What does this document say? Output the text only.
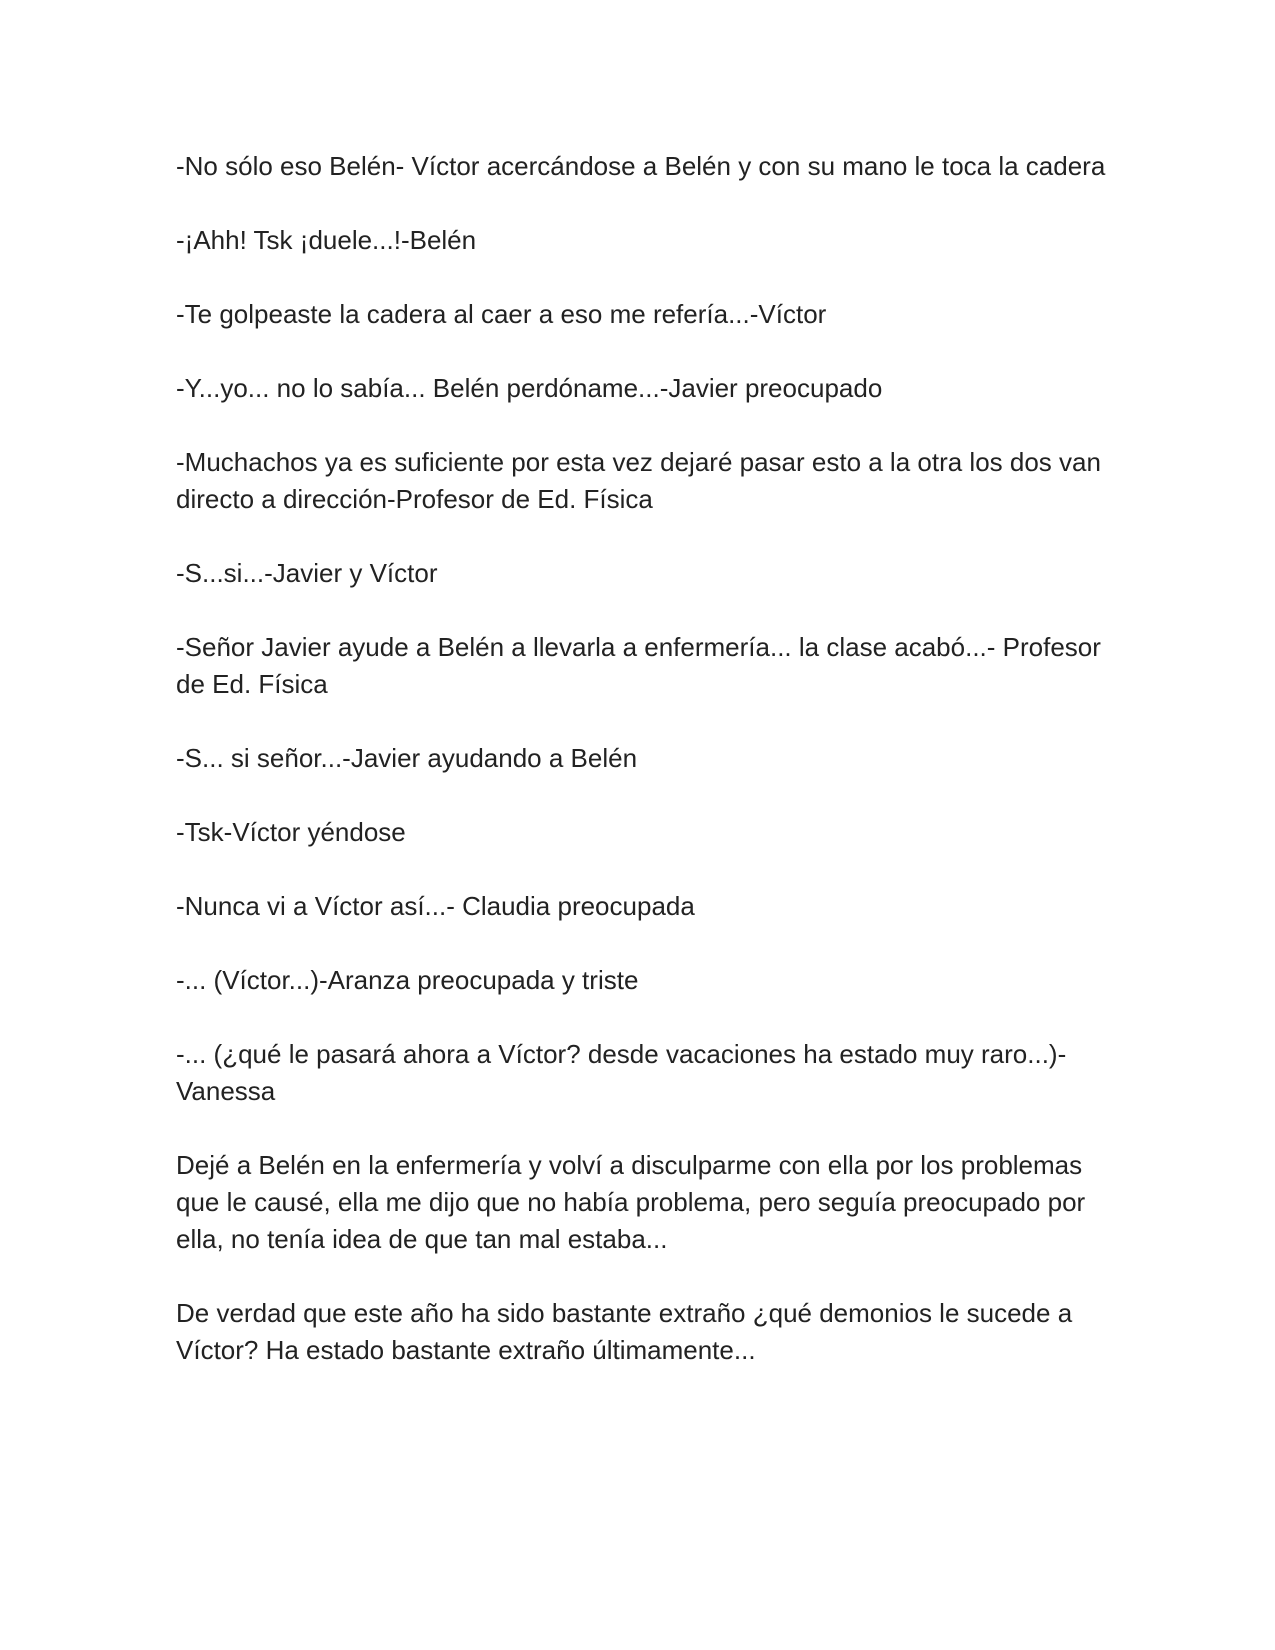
-No sólo eso Belén- Víctor acercándose a Belén y con su mano le toca la cadera

-¡Ahh! Tsk ¡duele...!-Belén

-Te golpeaste la cadera al caer a eso me refería...-Víctor

-Y...yo... no lo sabía... Belén perdóname...-Javier preocupado

-Muchachos ya es suficiente por esta vez dejaré pasar esto a la otra los dos van directo a dirección-Profesor de Ed. Física

-S...si...-Javier y Víctor

-Señor Javier ayude a Belén a llevarla a enfermería... la clase acabó...- Profesor de Ed. Física

-S... si señor...-Javier ayudando a Belén

-Tsk-Víctor yéndose

-Nunca vi a Víctor así...- Claudia preocupada

-... (Víctor...)-Aranza preocupada y triste

-... (¿qué le pasará ahora a Víctor? desde vacaciones ha estado muy raro...)-Vanessa

Dejé a Belén en la enfermería y volví a disculparme con ella por los problemas que le causé, ella me dijo que no había problema, pero seguía preocupado por ella, no tenía idea de que tan mal estaba...

De verdad que este año ha sido bastante extraño ¿qué demonios le sucede a Víctor? Ha estado bastante extraño últimamente...
